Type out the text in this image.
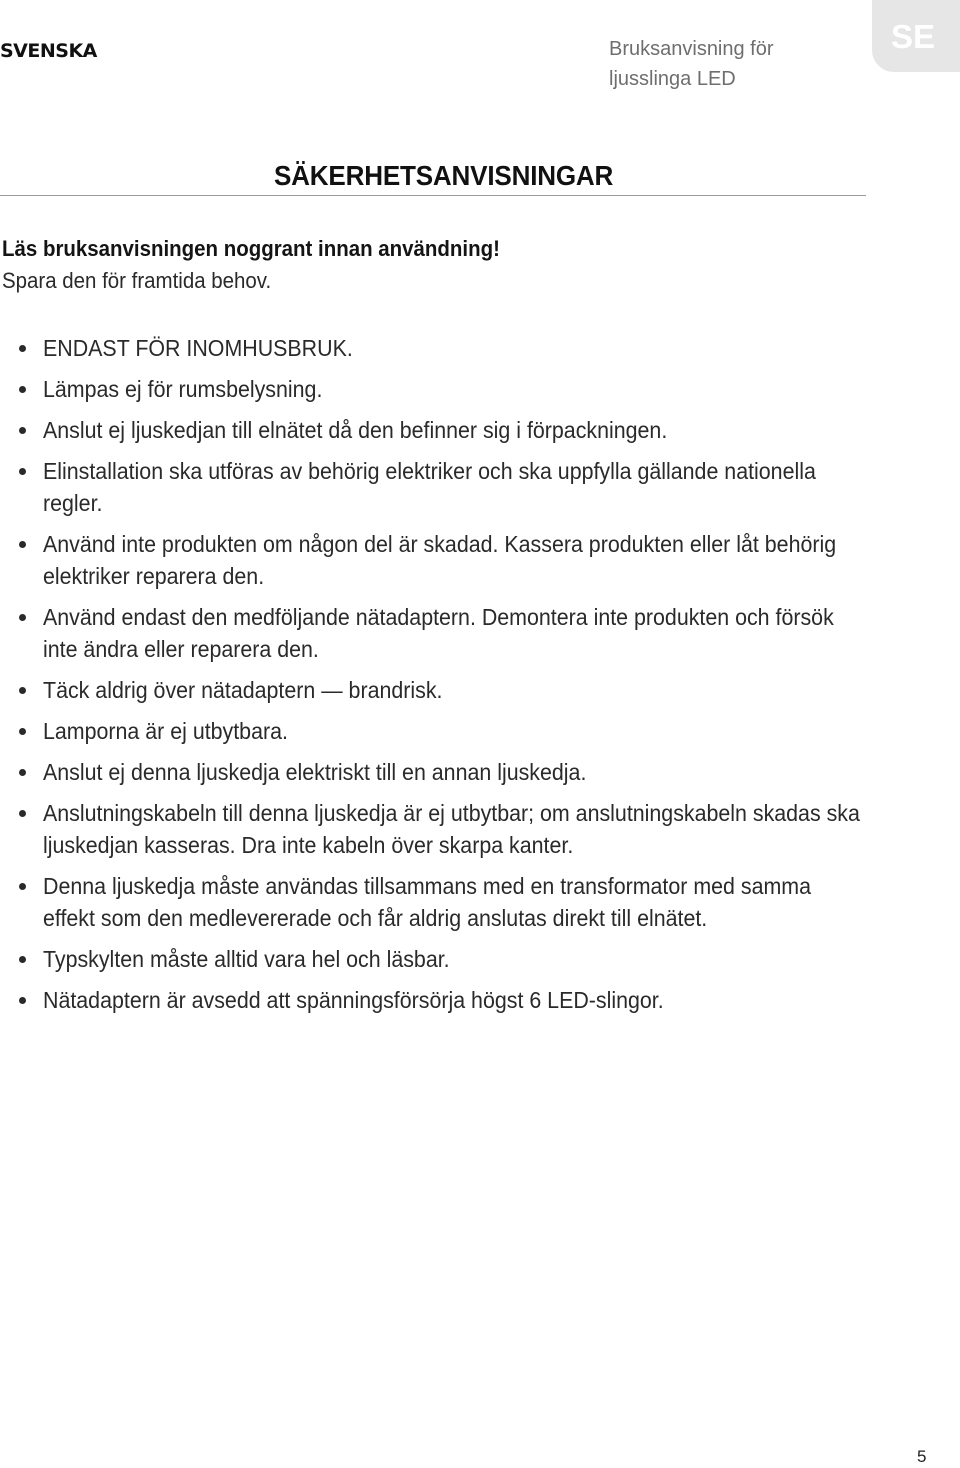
SVENSKA	Bruksanvisning för
ljusslinga LED
SE
SÄKERHETSANVISNINGAR
Läs bruksanvisningen noggrant innan användning!
Spara den för framtida behov.
ENDAST FÖR INOMHUSBRUK.
Lämpas ej för rumsbelysning.
Anslut ej ljuskedjan till elnätet då den befinner sig i förpackningen.
Elinstallation ska utföras av behörig elektriker och ska uppfylla gällande nationella regler.
Använd inte produkten om någon del är skadad. Kassera produkten eller låt behörig elektriker reparera den.
Använd endast den medföljande nätadaptern. Demontera inte produkten och försök inte ändra eller reparera den.
Täck aldrig över nätadaptern — brandrisk.
Lamporna är ej utbytbara.
Anslut ej denna ljuskedja elektriskt till en annan ljuskedja.
Anslutningskabeln till denna ljuskedja är ej utbytbar; om anslutningskabeln skadas ska ljuskedjan kasseras. Dra inte kabeln över skarpa kanter.
Denna ljuskedja måste användas tillsammans med en transformator med samma effekt som den medlevererade och får aldrig anslutas direkt till elnätet.
Typskylten måste alltid vara hel och läsbar.
Nätadaptern är avsedd att spänningsförsörja högst 6 LED-slingor.
5
